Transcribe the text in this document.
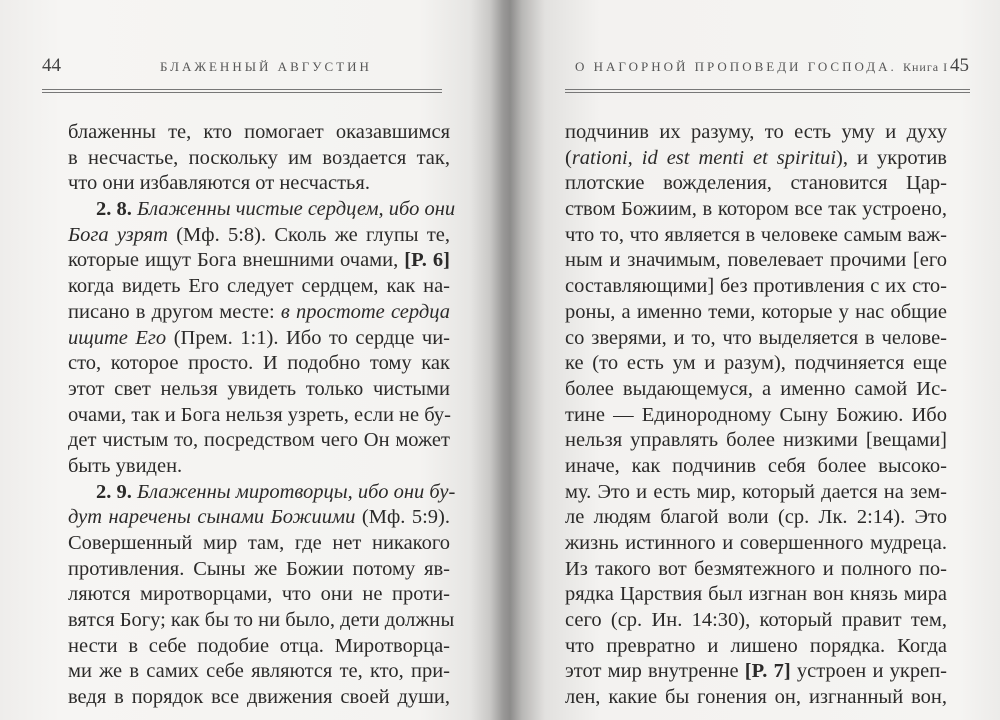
44	БЛАЖЕННЫЙ АВГУСТИН
блаженны те, кто помогает оказавшимся
в несчастье, поскольку им воздается так,
что они избавляются от несчастья.
2. 8. Блаженны чистые сердцем, ибо они
Бога узрят (Мф. 5:8). Сколь же глупы те,
которые ищут Бога внешними очами, [P. 6]
когда видеть Его следует сердцем, как на-
писано в другом месте: в простоте сердца
ищите Его (Прем. 1:1). Ибо то сердце чи-
сто, которое просто. И подобно тому как
этот свет нельзя увидеть только чистыми
очами, так и Бога нельзя узреть, если не бу-
дет чистым то, посредством чего Он может
быть увиден.
2. 9. Блаженны миротворцы, ибо они бу-
дут наречены сынами Божиими (Мф. 5:9).
Совершенный мир там, где нет никакого
противления. Сыны же Божии потому яв-
ляются миротворцами, что они не проти-
вятся Богу; как бы то ни было, дети должны
нести в себе подобие отца. Миротворца-
ми же в самих себе являются те, кто, при-
ведя в порядок все движения своей души,
О НАГОРНОЙ ПРОПОВЕДИ ГОСПОДА. Книга I 45
подчинив их разуму, то есть уму и духу
(rationi, id est menti et spiritui), и укротив
плотские вожделения, становится Цар-
ством Божиим, в котором все так устроено,
что то, что является в человеке самым важ-
ным и значимым, повелевает прочими [его
составляющими] без противления с их сто-
роны, а именно теми, которые у нас общие
со зверями, и то, что выделяется в челове-
ке (то есть ум и разум), подчиняется еще
более выдающемуся, а именно самой Ис-
тине — Единородному Сыну Божию. Ибо
нельзя управлять более низкими [вещами]
иначе, как подчинив себя более высоко-
му. Это и есть мир, который дается на зем-
ле людям благой воли (ср. Лк. 2:14). Это
жизнь истинного и совершенного мудреца.
Из такого вот безмятежного и полного по-
рядка Царствия был изгнан вон князь мира
сего (ср. Ин. 14:30), который правит тем,
что превратно и лишено порядка. Когда
этот мир внутренне [P. 7] устроен и укреп-
лен, какие бы гонения он, изгнанный вон,
